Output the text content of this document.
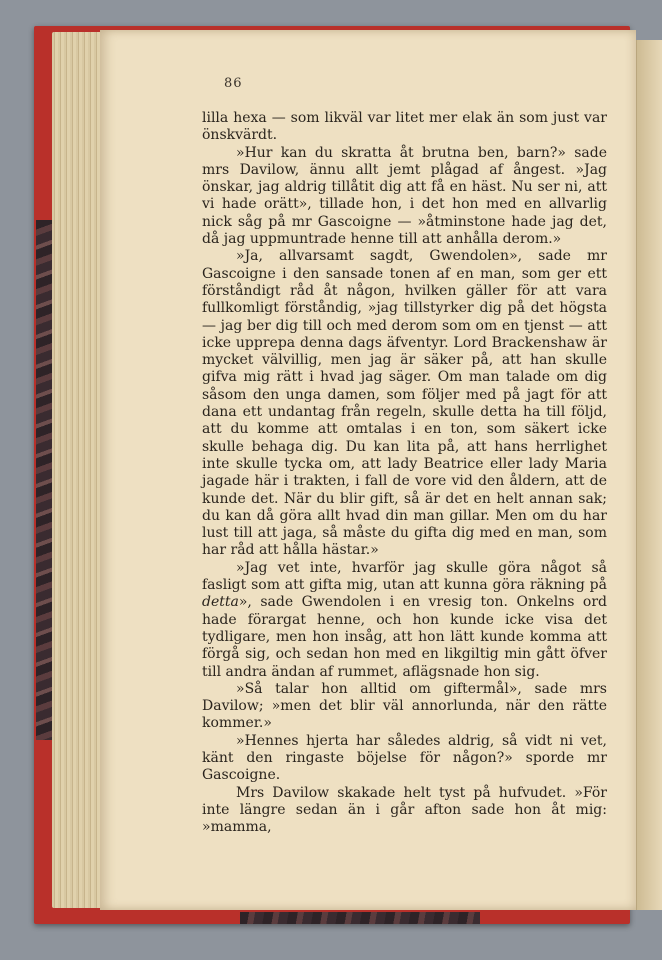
86

lilla hexa — som likväl var litet mer elak än som just var önskvärdt.

»Hur kan du skratta åt brutna ben, barn?» sade mrs Davilow, ännu allt jemt plågad af ångest. »Jag önskar, jag aldrig tillåtit dig att få en häst. Nu ser ni, att vi hade orätt», tillade hon, i det hon med en allvarlig nick såg på mr Gascoigne — »åtminstone hade jag det, då jag uppmuntrade henne till att anhålla derom.»

»Ja, allvarsamt sagdt, Gwendolen», sade mr Gascoigne i den sansade tonen af en man, som ger ett förståndigt råd åt någon, hvilken gäller för att vara fullkomligt förståndig, »jag tillstyrker dig på det högsta — jag ber dig till och med derom som om en tjenst — att icke upprepa denna dags äfventyr. Lord Brackenshaw är mycket välvillig, men jag är säker på, att han skulle gifva mig rätt i hvad jag säger. Om man talade om dig såsom den unga damen, som följer med på jagt för att dana ett undantag från regeln, skulle detta ha till följd, att du komme att omtalas i en ton, som säkert icke skulle behaga dig. Du kan lita på, att hans herrlighet inte skulle tycka om, att lady Beatrice eller lady Maria jagade här i trakten, i fall de vore vid den åldern, att de kunde det. När du blir gift, så är det en helt annan sak; du kan då göra allt hvad din man gillar. Men om du har lust till att jaga, så måste du gifta dig med en man, som har råd att hålla hästar.»

»Jag vet inte, hvarför jag skulle göra något så fasligt som att gifta mig, utan att kunna göra räkning på detta», sade Gwendolen i en vresig ton. Onkelns ord hade förargat henne, och hon kunde icke visa det tydligare, men hon insåg, att hon lätt kunde komma att förgå sig, och sedan hon med en likgiltig min gått öfver till andra ändan af rummet, aflägsnade hon sig.

»Så talar hon alltid om giftermål», sade mrs Davilow; »men det blir väl annorlunda, när den rätte kommer.»

»Hennes hjerta har således aldrig, så vidt ni vet, känt den ringaste böjelse för någon?» sporde mr Gascoigne.

Mrs Davilow skakade helt tyst på hufvudet. »För inte längre sedan än i går afton sade hon åt mig: »mamma,
